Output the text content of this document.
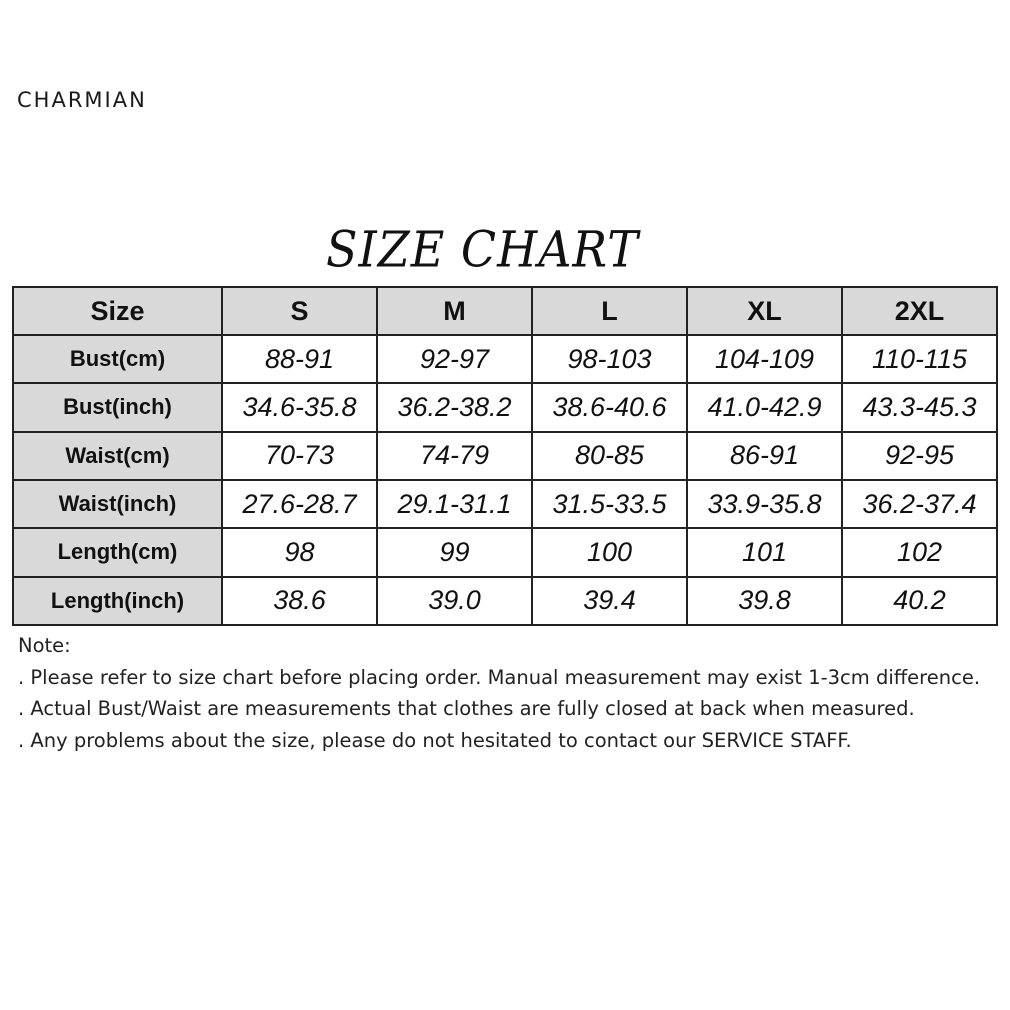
CHARMIAN
SIZE CHART
Size	S	M	L	XL	2XL
Bust(cm)	88-91	92-97	98-103	104-109	110-115
Bust(inch)	34.6-35.8	36.2-38.2	38.6-40.6	41.0-42.9	43.3-45.3
Waist(cm)	70-73	74-79	80-85	86-91	92-95
Waist(inch)	27.6-28.7	29.1-31.1	31.5-33.5	33.9-35.8	36.2-37.4
Length(cm)	98	99	100	101	102
Length(inch)	38.6	39.0	39.4	39.8	40.2

Note:

. Please refer to size chart before placing order. Manual measurement may exist 1-3cm difference.

. Actual Bust/Waist are measurements that clothes are fully closed at back when measured.

. Any problems about the size, please do not hesitated to contact our SERVICE STAFF.
